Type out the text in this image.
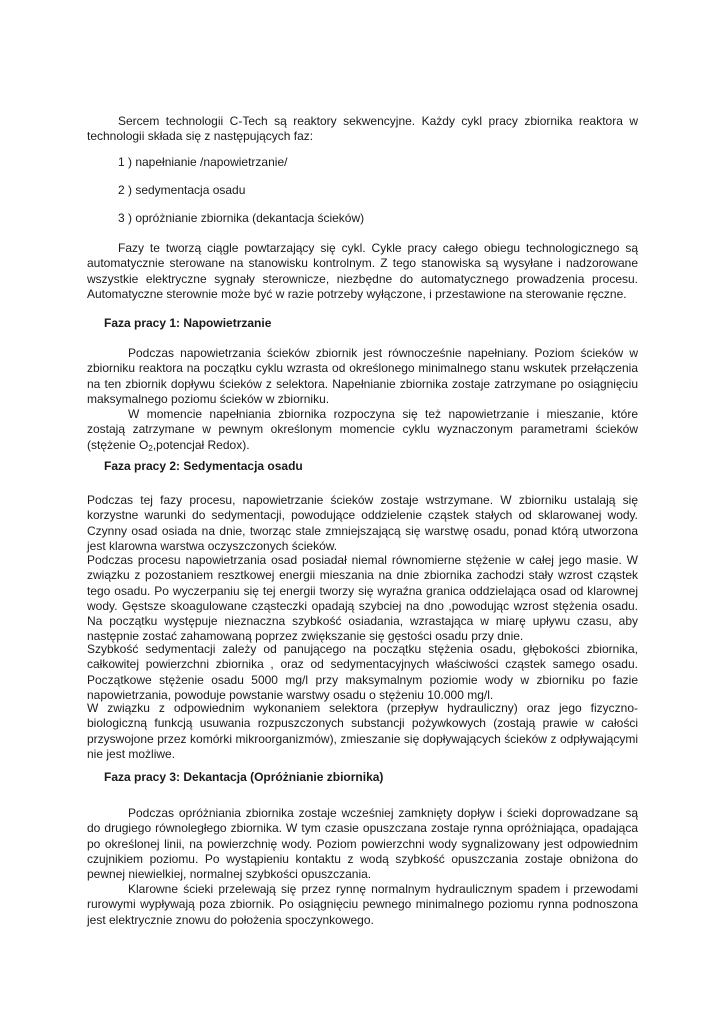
Sercem technologii C-Tech są reaktory sekwencyjne. Każdy cykl pracy zbiornika reaktora w technologii składa się z następujących faz:
1 ) napełnianie /napowietrzanie/
2 ) sedymentacja osadu
3 ) opróżnianie zbiornika (dekantacja ścieków)
Fazy te tworzą ciągle powtarzający się cykl. Cykle pracy całego obiegu technologicznego są automatycznie sterowane na stanowisku kontrolnym. Z tego stanowiska są wysyłane i nadzorowane wszystkie elektryczne sygnały sterownicze, niezbędne do automatycznego prowadzenia procesu. Automatyczne sterownie może być w razie potrzeby wyłączone, i przestawione na sterowanie ręczne.
Faza pracy 1: Napowietrzanie
Podczas napowietrzania ścieków zbiornik jest równocześnie napełniany. Poziom ścieków w zbiorniku reaktora na początku cyklu wzrasta od określonego minimalnego stanu wskutek przełączenia na ten zbiornik dopływu ścieków z selektora. Napełnianie zbiornika zostaje zatrzymane po osiągnięciu maksymalnego poziomu ścieków w zbiorniku.
W momencie napełniania zbiornika rozpoczyna się też napowietrzanie i mieszanie, które zostają zatrzymane w pewnym określonym momencie cyklu wyznaczonym parametrami ścieków (stężenie $O_2,potencjał$ Redox).
Faza pracy 2: Sedymentacja osadu
Podczas tej fazy procesu, napowietrzanie ścieków zostaje wstrzymane. W zbiorniku ustalają się korzystne warunki do sedymentacji, powodujące oddzielenie cząstek stałych od sklarowanej wody. Czynny osad osiada na dnie, tworząc stale zmniejszającą się warstwę osadu, ponad którą utworzona jest klarowna warstwa oczyszczonych ścieków.
Podczas procesu napowietrzania osad posiadał niemal równomierne stężenie w całej jego masie. W związku z pozostaniem resztkowej energii mieszania na dnie zbiornika zachodzi stały wzrost cząstek tego osadu. Po wyczerpaniu się tej energii tworzy się wyraźna granica oddzielająca osad od klarownej wody. Gęstsze skoagulowane cząsteczki opadają szybciej na dno ,powodując wzrost stężenia osadu. Na początku występuje nieznaczna szybkość osiadania, wzrastająca w miarę upływu czasu, aby następnie zostać zahamowaną poprzez zwiększanie się gęstości osadu przy dnie.
Szybkość sedymentacji zależy od panującego na początku stężenia osadu, głębokości zbiornika, całkowitej powierzchni zbiornika , oraz od sedymentacyjnych właściwości cząstek samego osadu. Początkowe stężenie osadu 5000 mg/l przy maksymalnym poziomie wody w zbiorniku po fazie napowietrzania, powoduje powstanie warstwy osadu o stężeniu 10.000 mg/l.
W związku z odpowiednim wykonaniem selektora (przepływ hydrauliczny) oraz jego fizyczno-biologiczną funkcją usuwania rozpuszczonych substancji pożywkowych (zostają prawie w całości przyswojone przez komórki mikroorganizmów), zmieszanie się dopływających ścieków z odpływającymi nie jest możliwe.
Faza pracy 3: Dekantacja (Opróżnianie zbiornika)
Podczas opróżniania zbiornika zostaje wcześniej zamknięty dopływ i ścieki doprowadzane są do drugiego równoległego zbiornika. W tym czasie opuszczana zostaje rynna opróżniająca, opadająca po określonej linii, na powierzchnię wody. Poziom powierzchni wody sygnalizowany jest odpowiednim czujnikiem poziomu. Po wystąpieniu kontaktu z wodą szybkość opuszczania zostaje obniżona do pewnej niewielkiej, normalnej szybkości opuszczania.
Klarowne ścieki przelewają się przez rynnę normalnym hydraulicznym spadem i przewodami rurowymi wypływają poza zbiornik. Po osiągnięciu pewnego minimalnego poziomu rynna podnoszona jest elektrycznie znowu do położenia spoczynkowego.
